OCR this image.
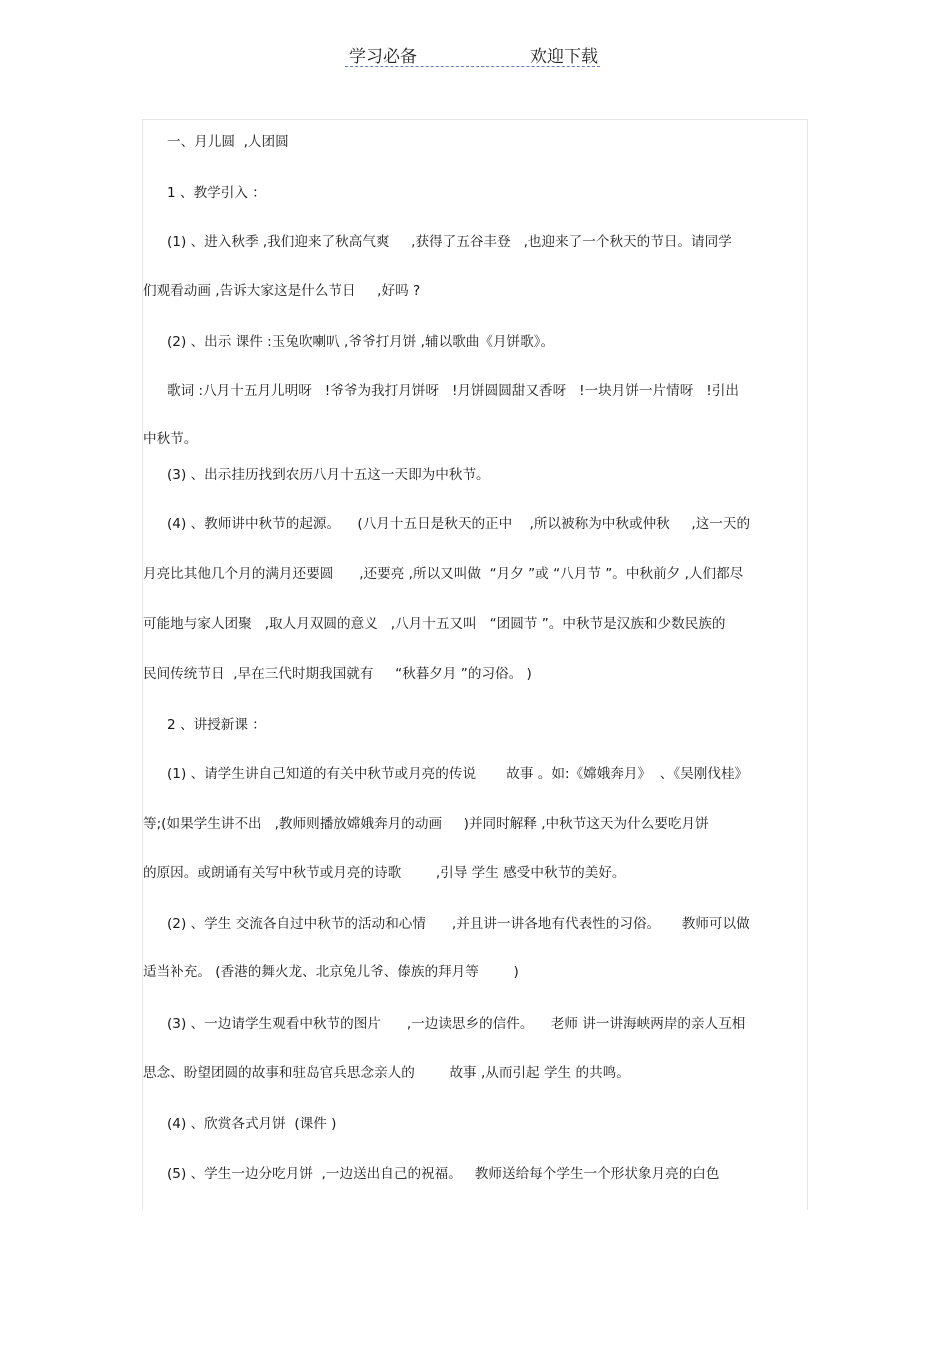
学习必备	欢迎下载
一、月儿圆  ,人团圆
1 、教学引入 ：
(1) 、进入秋季 ,我们迎来了秋高气爽     ,获得了五谷丰登   ,也迎来了一个秋天的节日。请同学
们观看动画 ,告诉大家这是什么节日     ,好吗 ?
(2) 、出示 课件 :玉兔吹喇叭 ,爷爷打月饼 ,辅以歌曲《月饼歌》。
歌词 :八月十五月儿明呀   !爷爷为我打月饼呀   !月饼圆圆甜又香呀   !一块月饼一片情呀   !引出
中秋节。
(3) 、出示挂历找到农历八月十五这一天即为中秋节。
(4) 、教师讲中秋节的起源。    (八月十五日是秋天的正中    ,所以被称为中秋或仲秋     ,这一天的
月亮比其他几个月的满月还要圆      ,还要亮 ,所以又叫做  “月夕 ”或 “八月节 ”。中秋前夕 ,人们都尽
可能地与家人团聚   ,取人月双圆的意义   ,八月十五又叫   “团圆节 ”。中秋节是汉族和少数民族的
民间传统节日  ,早在三代时期我国就有     “秋暮夕月 ”的习俗。 )
2 、讲授新课 ：
(1) 、请学生讲自己知道的有关中秋节或月亮的传说       故事 。如:《嫦娥奔月》  、《吴刚伐桂》
等;(如果学生讲不出   ,教师则播放嫦娥奔月的动画     )并同时解释 ,中秋节这天为什么要吃月饼
的原因。或朗诵有关写中秋节或月亮的诗歌        ,引导 学生 感受中秋节的美好。
(2) 、学生 交流各自过中秋节的活动和心情      ,并且讲一讲各地有代表性的习俗。     教师可以做
适当补充。 (香港的舞火龙、北京兔儿爷、傣族的拜月等        )
(3) 、一边请学生观看中秋节的图片      ,一边读思乡的信件。    老师 讲一讲海峡两岸的亲人互相
思念、盼望团圆的故事和驻岛官兵思念亲人的        故事 ,从而引起 学生 的共鸣。
(4) 、欣赏各式月饼  (课件 )
(5) 、学生一边分吃月饼  ,一边送出自己的祝福。   教师送给每个学生一个形状象月亮的白色
